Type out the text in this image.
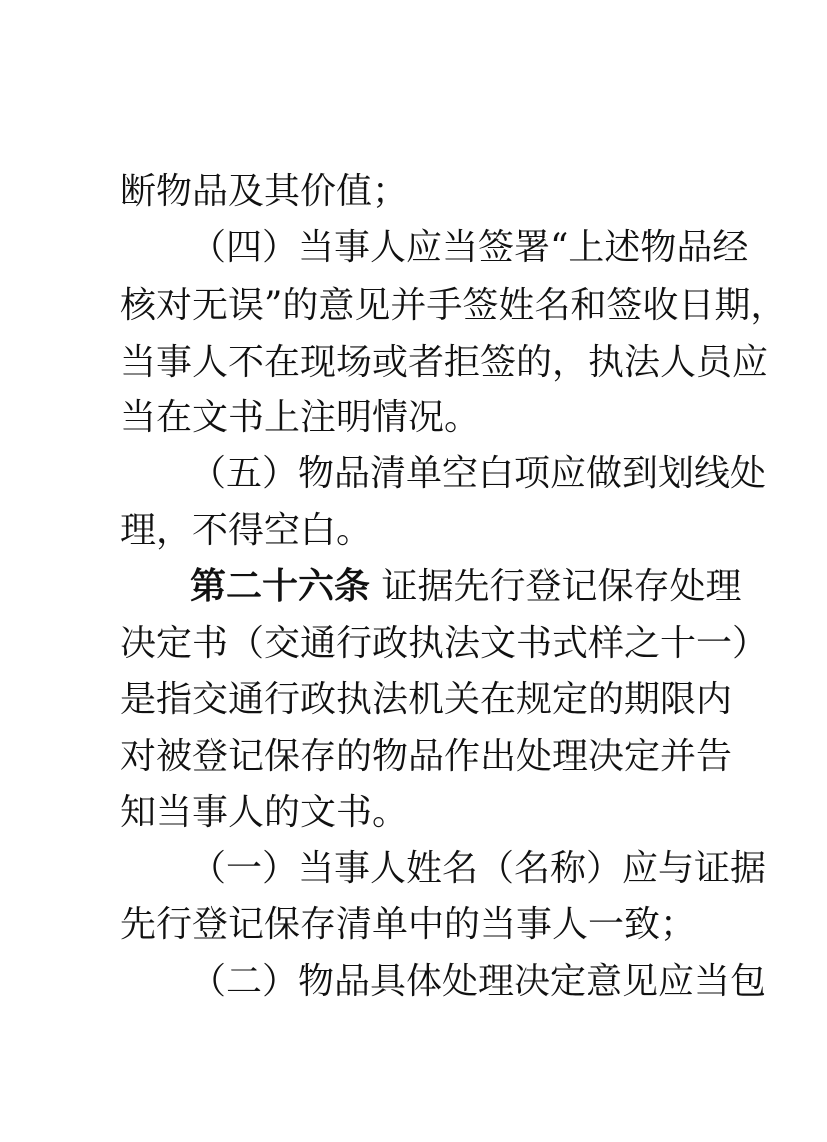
断物品及其价值；
（四）当事人应当签署“上述物品经
核对无误”的意见并手签姓名和签收日期，
当事人不在现场或者拒签的，执法人员应
当在文书上注明情况。
（五）物品清单空白项应做到划线处
理，不得空白。
第二十六条 证据先行登记保存处理
决定书（交通行政执法文书式样之十一）
是指交通行政执法机关在规定的期限内
对被登记保存的物品作出处理决定并告
知当事人的文书。
（一）当事人姓名（名称）应与证据
先行登记保存清单中的当事人一致；
（二）物品具体处理决定意见应当包
